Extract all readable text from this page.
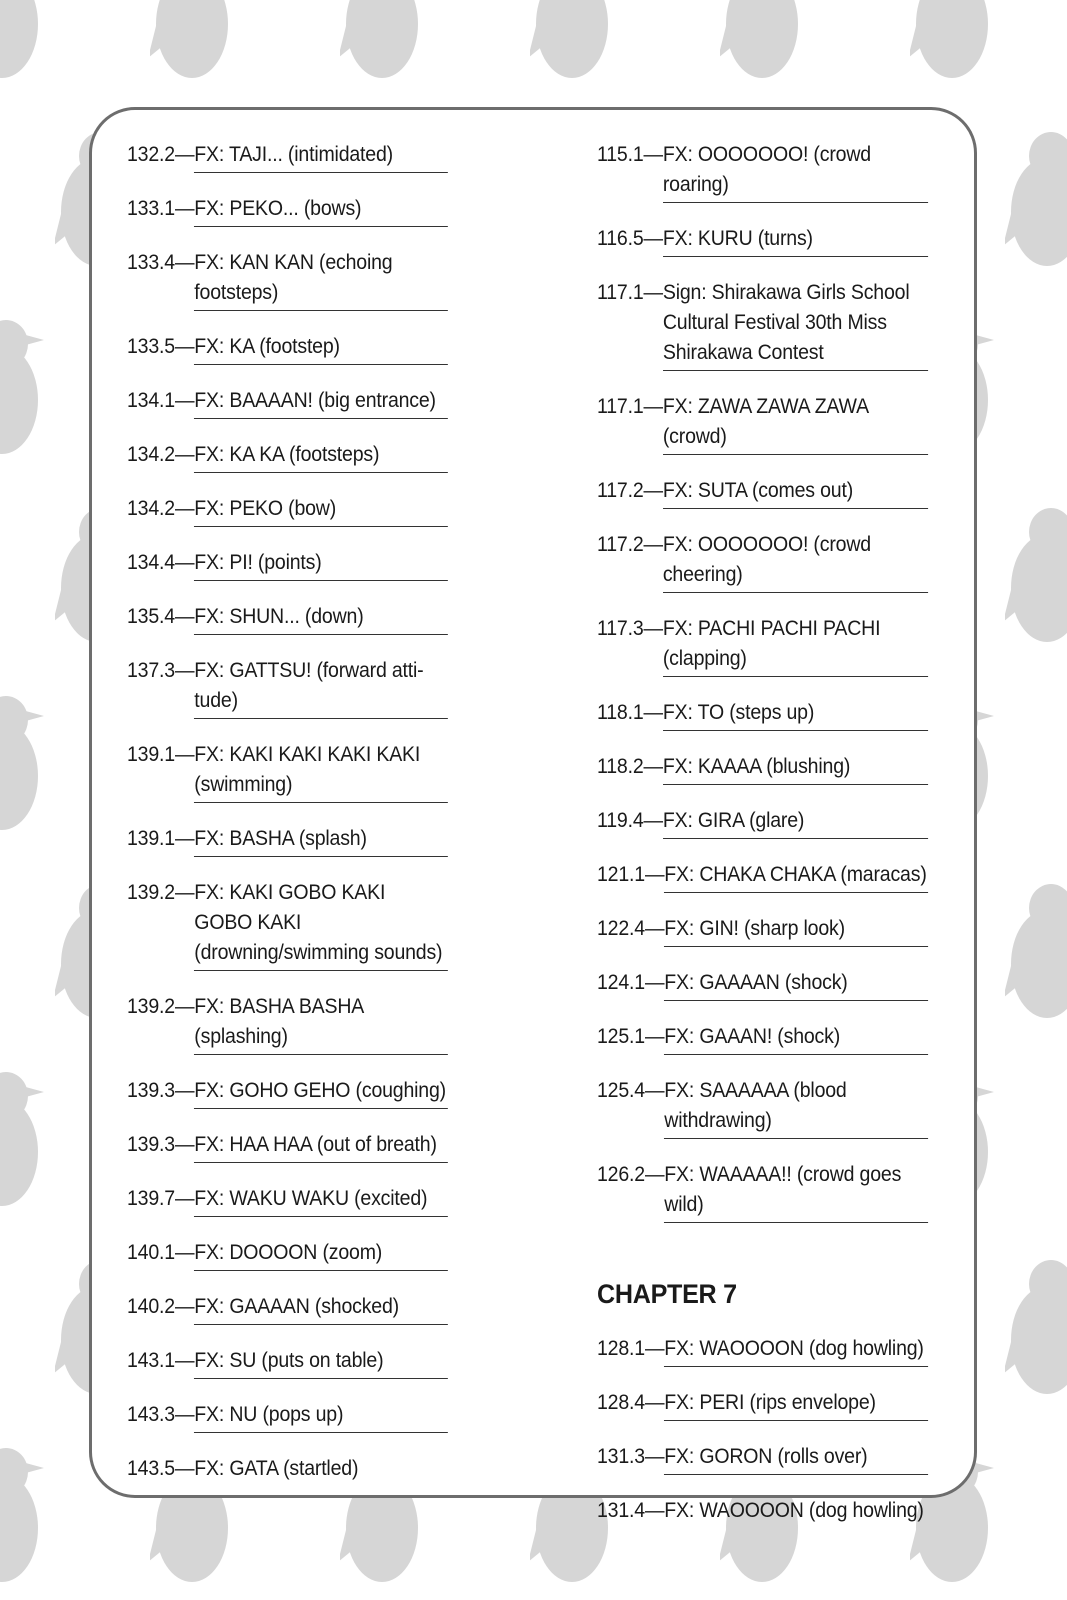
132.2 — FX: TAJI... (intimidated)
133.1 — FX: PEKO... (bows)
133.4 — FX: KAN KAN (echoing footsteps)
133.5 — FX: KA (footstep)
134.1 — FX: BAAAAN! (big entrance)
134.2 — FX: KA KA (footsteps)
134.2 — FX: PEKO (bow)
134.4 — FX: PI! (points)
135.4 — FX: SHUN... (down)
137.3 — FX: GATTSU! (forward atti- tude)
139.1 — FX: KAKI KAKI KAKI KAKI (swimming)
139.1 — FX: BASHA (splash)
139.2 — FX: KAKI GOBO KAKI GOBO KAKI (drowning/swimming sounds)
139.2 — FX: BASHA BASHA (splashing)
139.3 — FX: GOHO GEHO (coughing)
139.3 — FX: HAA HAA (out of breath)
139.7 — FX: WAKU WAKU (excited)
140.1 — FX: DOOOON (zoom)
140.2 — FX: GAAAAN (shocked)
143.1 — FX: SU (puts on table)
143.3 — FX: NU (pops up)
143.5 — FX: GATA (startled)
115.1 — FX: OOOOOOO! (crowd roaring)
116.5 — FX: KURU (turns)
117.1 — Sign: Shirakawa Girls School Cultural Festival 30th Miss Shirakawa Contest
117.1 — FX: ZAWA ZAWA ZAWA (crowd)
117.2 — FX: SUTA (comes out)
117.2 — FX: OOOOOOO! (crowd cheering)
117.3 — FX: PACHI PACHI PACHI (clapping)
118.1 — FX: TO (steps up)
118.2 — FX: KAAAA (blushing)
119.4 — FX: GIRA (glare)
121.1 — FX: CHAKA CHAKA (maracas)
122.4 — FX: GIN! (sharp look)
124.1 — FX: GAAAAN (shock)
125.1 — FX: GAAAN! (shock)
125.4 — FX: SAAAAAA (blood withdrawing)
126.2 — FX: WAAAAA!! (crowd goes wild)
CHAPTER 7
128.1 — FX: WAOOOON (dog howling)
128.4 — FX: PERI (rips envelope)
131.3 — FX: GORON (rolls over)
131.4 — FX: WAOOOON (dog howling)
